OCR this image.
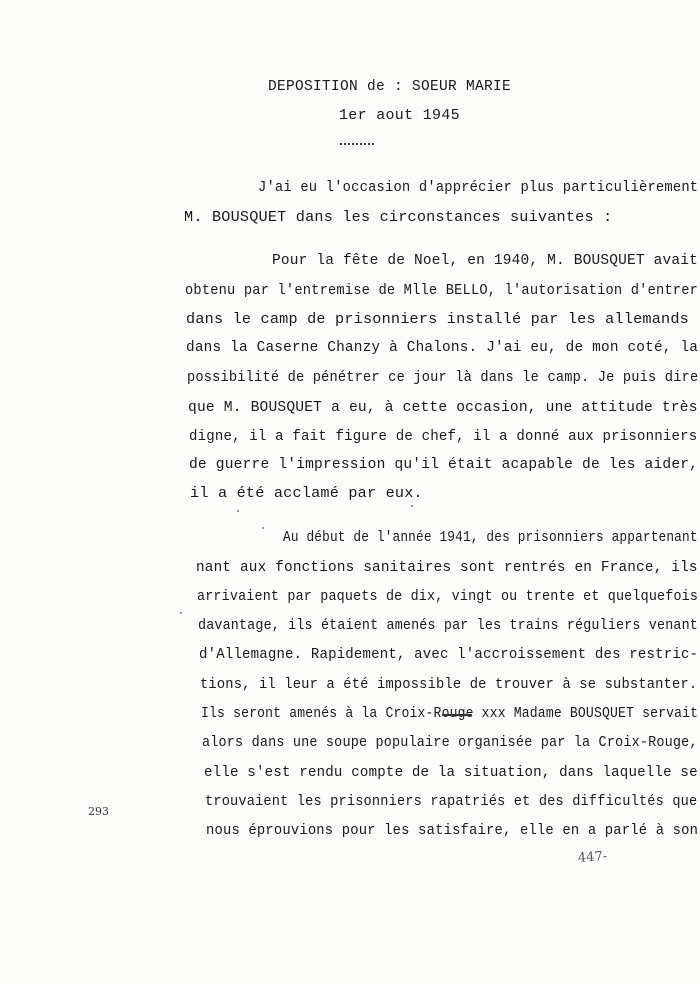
DEPOSITION de : SOEUR MARIE
1er aout 1945
J'ai eu l'occasion d'apprécier plus particulièrement
M. BOUSQUET dans les circonstances suivantes :
Pour la fête de Noel, en 1940, M. BOUSQUET avait
obtenu par l'entremise de Mlle BELLO, l'autorisation d'entrer
dans le camp de prisonniers installé par les allemands
dans la Caserne Chanzy à Chalons. J'ai eu, de mon coté, la
possibilité de pénétrer ce jour là dans le camp. Je puis dire
que M. BOUSQUET a eu, à cette occasion, une attitude très
digne, il a fait figure de chef, il a donné aux prisonniers
de guerre l'impression qu'il était acapable de les aider,
il a été acclamé par eux.
Au début de l'année 1941, des prisonniers appartenant
nant aux fonctions sanitaires sont rentrés en France, ils
arrivaient par paquets de dix, vingt ou trente et quelquefois
davantage, ils étaient amenés par les trains réguliers venant
d'Allemagne. Rapidement, avec l'accroissement des restric-
tions, il leur a été impossible de trouver à se substanter.
Ils seront amenés à la Croix-Rouge xxx Madame BOUSQUET servait
alors dans une soupe populaire organisée par la Croix-Rouge,
elle s'est rendu compte de la situation, dans laquelle se
trouvaient les prisonniers rapatriés et des difficultés que
nous éprouvions pour les satisfaire, elle en a parlé à son
293
447-
